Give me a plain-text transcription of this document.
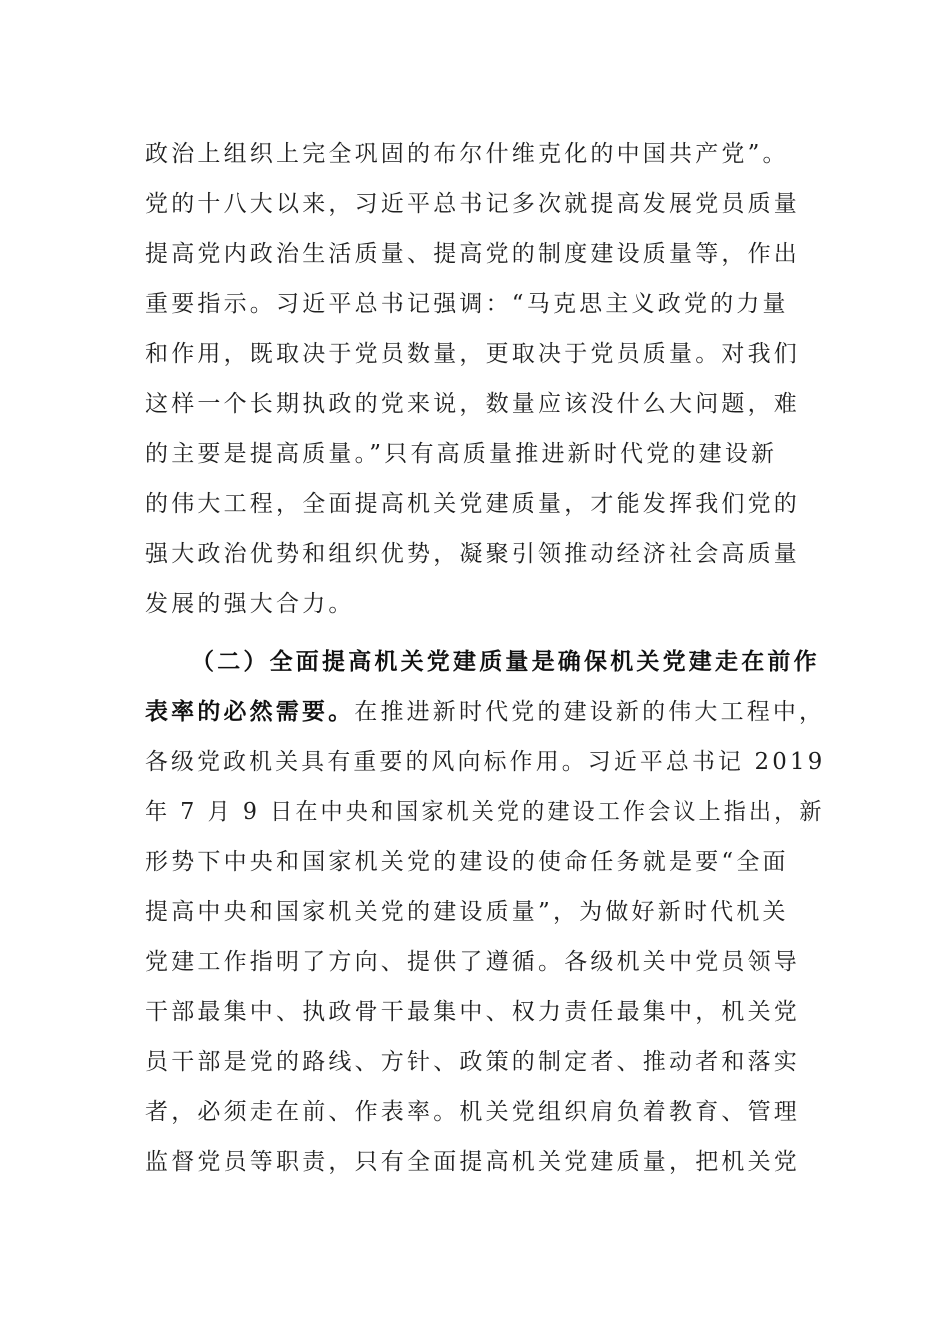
政治上组织上完全巩固的布尔什维克化的中国共产党”。
党的十八大以来，习近平总书记多次就提高发展党员质量
提高党内政治生活质量、提高党的制度建设质量等，作出
重要指示。习近平总书记强调：“马克思主义政党的力量
和作用，既取决于党员数量，更取决于党员质量。对我们
这样一个长期执政的党来说，数量应该没什么大问题，难
的主要是提高质量。”只有高质量推进新时代党的建设新
的伟大工程，全面提高机关党建质量，才能发挥我们党的
强大政治优势和组织优势，凝聚引领推动经济社会高质量
发展的强大合力。
（二）全面提高机关党建质量是确保机关党建走在前作
表率的必然需要。在推进新时代党的建设新的伟大工程中，
各级党政机关具有重要的风向标作用。习近平总书记 2019
年 7 月 9 日在中央和国家机关党的建设工作会议上指出，新
形势下中央和国家机关党的建设的使命任务就是要“全面
提高中央和国家机关党的建设质量”，为做好新时代机关
党建工作指明了方向、提供了遵循。各级机关中党员领导
干部最集中、执政骨干最集中、权力责任最集中，机关党
员干部是党的路线、方针、政策的制定者、推动者和落实
者，必须走在前、作表率。机关党组织肩负着教育、管理
监督党员等职责，只有全面提高机关党建质量，把机关党
